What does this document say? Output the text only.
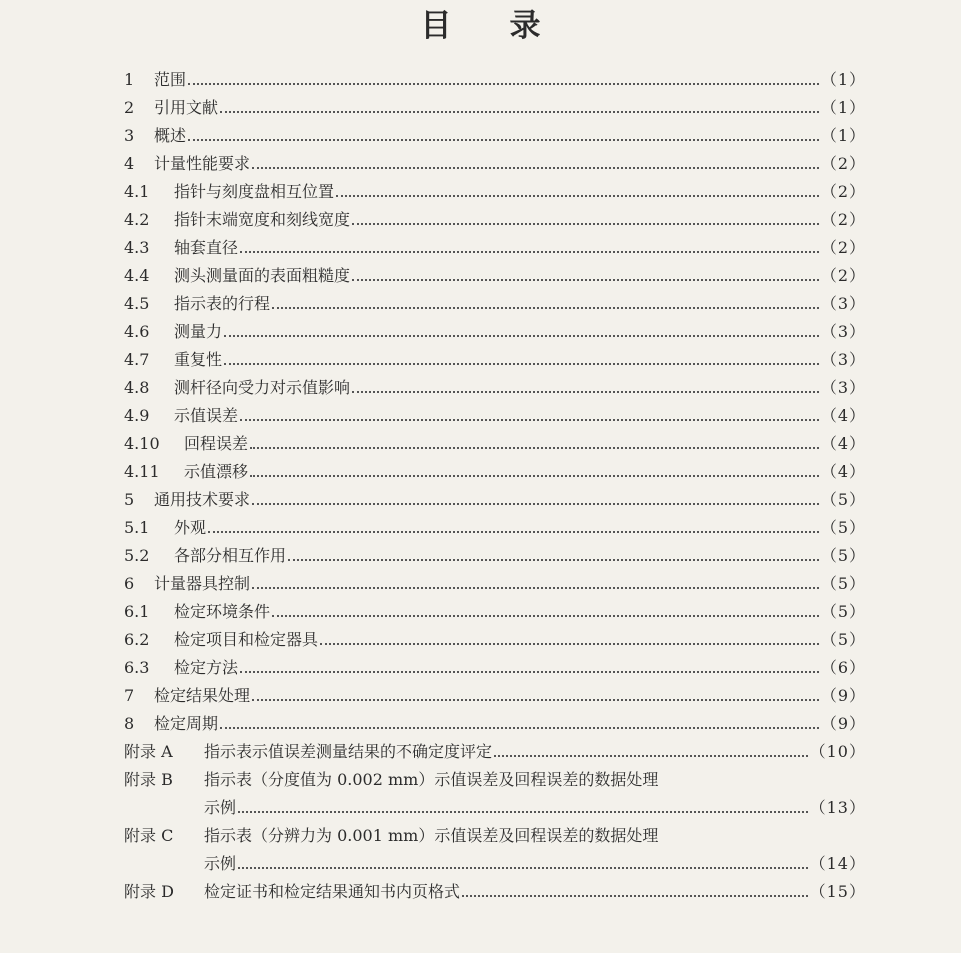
目 录
1	范围	（1）
2	引用文献	（1）
3	概述	（1）
4	计量性能要求	（2）
4.1	指针与刻度盘相互位置	（2）
4.2	指针末端宽度和刻线宽度	（2）
4.3	轴套直径	（2）
4.4	测头测量面的表面粗糙度	（2）
4.5	指示表的行程	（3）
4.6	测量力	（3）
4.7	重复性	（3）
4.8	测杆径向受力对示值影响	（3）
4.9	示值误差	（4）
4.10	回程误差	（4）
4.11	示值漂移	（4）
5	通用技术要求	（5）
5.1	外观	（5）
5.2	各部分相互作用	（5）
6	计量器具控制	（5）
6.1	检定环境条件	（5）
6.2	检定项目和检定器具	（5）
6.3	检定方法	（6）
7	检定结果处理	（9）
8	检定周期	（9）
附录 A	指示表示值误差测量结果的不确定度评定	（10）
附录 B 指示表（分度值为 0.002 mm）示值误差及回程误差的数据处理
示例	（13）
附录 C 指示表（分辨力为 0.001 mm）示值误差及回程误差的数据处理
示例	（14）
附录 D	检定证书和检定结果通知书内页格式	（15）
